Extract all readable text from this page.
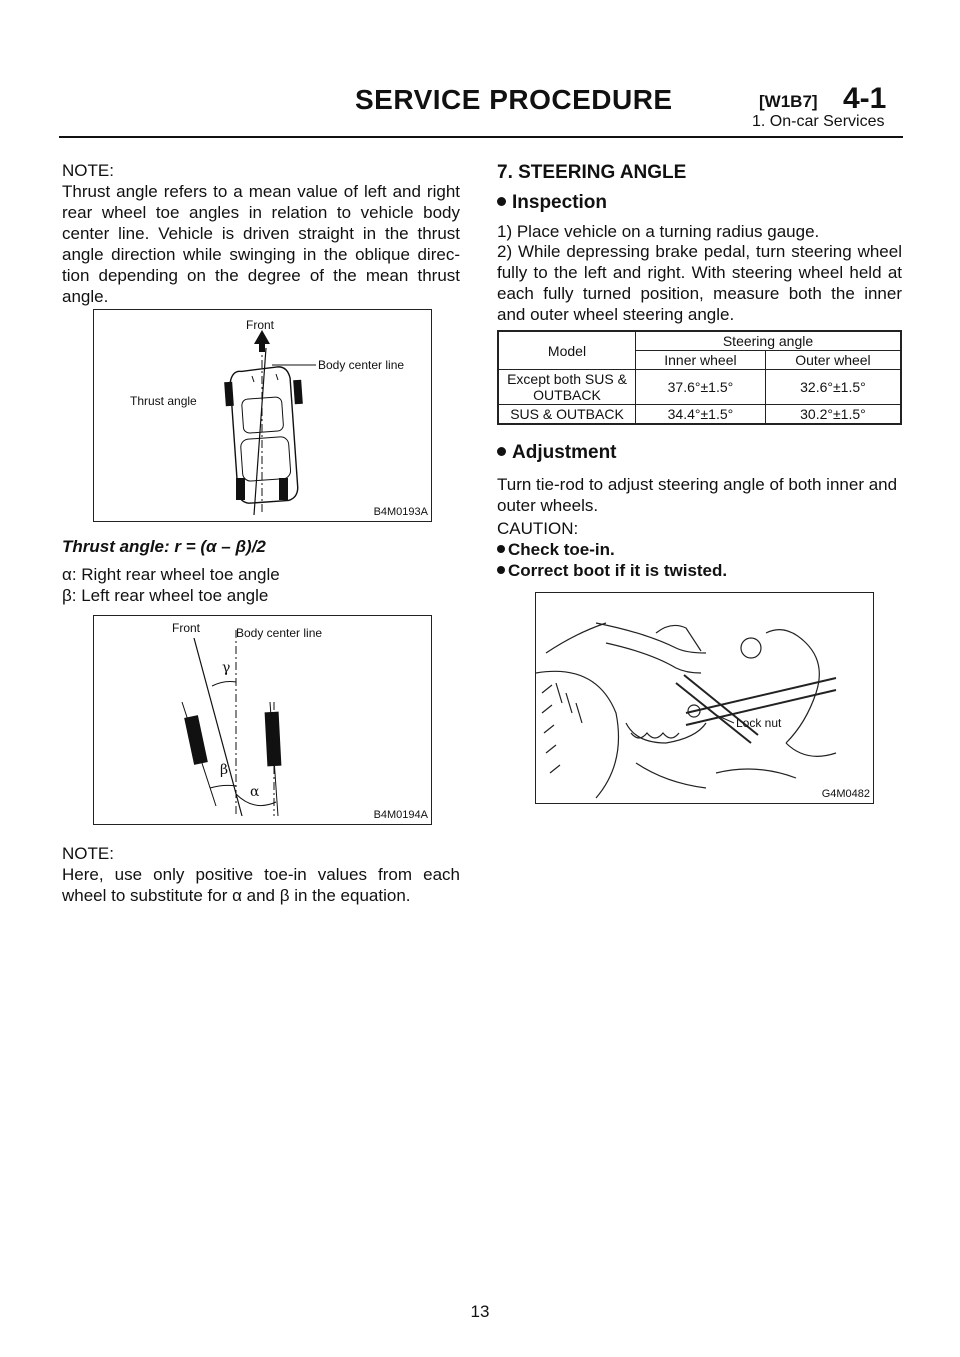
SERVICE PROCEDURE	[W1B7] 4-1
1. On-car Services
NOTE:
Thrust angle refers to a mean value of left and right rear wheel toe angles in relation to vehicle body center line. Vehicle is driven straight in the thrust angle direction while swinging in the oblique direc- tion depending on the degree of the mean thrust angle.
Front
Body center line
Thrust angle
B4M0193A
Thrust angle: r = (α – β)/2
α: Right rear wheel toe angle
β: Left rear wheel toe angle
Front	Body center line
γ
β
α
B4M0194A
NOTE:
Here, use only positive toe-in values from each wheel to substitute for α and β in the equation.
7. STEERING ANGLE
Inspection
1) Place vehicle on a turning radius gauge.
2) While depressing brake pedal, turn steering wheel fully to the left and right. With steering wheel held at each fully turned position, measure both the inner and outer wheel steering angle.
Model	Steering angle	
	Inner wheel	Outer wheel
Except both SUS & OUTBACK	37.6°±1.5°	32.6°±1.5°
SUS & OUTBACK	34.4°±1.5°	30.2°±1.5°
Adjustment
Turn tie-rod to adjust steering angle of both inner and outer wheels.
CAUTION:
Check toe-in.
Correct boot if it is twisted.
Lock nut
G4M0482
13
